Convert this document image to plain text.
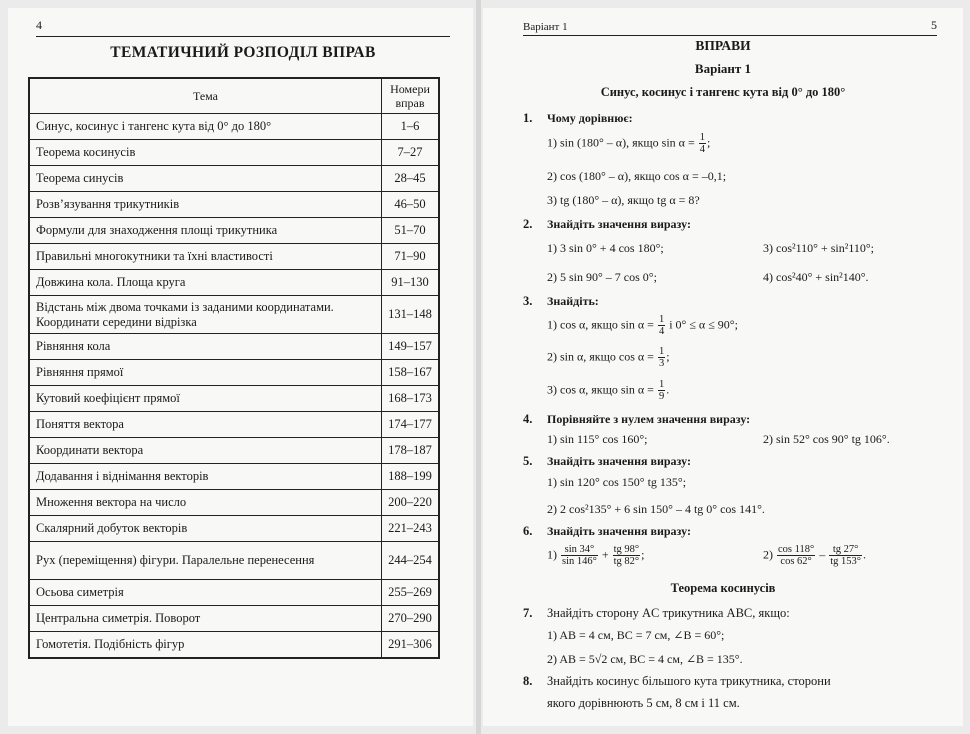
4
ТЕМАТИЧНИЙ РОЗПОДІЛ ВПРАВ
Тема	Номери вправ
Синус, косинус і тангенс кута від 0° до 180°	1–6
Теорема косинусів	7–27
Теорема синусів	28–45
Розв’язування трикутників	46–50
Формули для знаходження площі трикутника	51–70
Правильні многокутники та їхні властивості	71–90
Довжина кола. Площа круга	91–130
Відстань між двома точками із заданими координатами. Координати середини відрізка	131–148
Рівняння кола	149–157
Рівняння прямої	158–167
Кутовий коефіцієнт прямої	168–173
Поняття вектора	174–177
Координати вектора	178–187
Додавання і віднімання векторів	188–199
Множення вектора на число	200–220
Скалярний добуток векторів	221–243
Рух (переміщення) фігури. Паралельне перенесення	244–254
Осьова симетрія	255–269
Центральна симетрія. Поворот	270–290
Гомотетія. Подібність фігур	291–306
Варіант 1	5
ВПРАВИ
Варіант 1
Синус, косинус і тангенс кута від 0° до 180°
1. Чому дорівнює:
1) sin (180° – α), якщо $\sin \alpha = \frac{1}{4}$ ;
2) cos (180° – α), якщо cos α = –0,1;
3) tg (180° – α), якщо tg α = 8?
2. Знайдіть значення виразу:
1) 3 sin 0° + 4 cos 180°;	3) cos²110° + sin²110°;
2) 5 sin 90° – 7 cos 0°;	4) cos²40° + sin²140°.
3. Знайдіть:
1) cos α, якщо $\sin \alpha = \frac{1}{4}$ і 0° ≤ α ≤ 90°;
2) sin α, якщо $\cos \alpha = \frac{1}{3}$ ;
3) cos α, якщо $\sin \alpha = \frac{1}{9}$ .
4. Порівняйте з нулем значення виразу:
1) sin 115° cos 160°;	2) sin 52° cos 90° tg 106°.
5. Знайдіть значення виразу:
1) sin 120° cos 150° tg 135°;
2) 2 cos²135° + 6 sin 150° – 4 tg 0° cos 141°.
6. Знайдіть значення виразу:
$1) \frac{\sin 34^\circ}{\sin 146^\circ} + \frac{tg 98^\circ}{tg 82^\circ}$ ;	$2) \frac{\cos 118^\circ}{\cos 62^\circ} - \frac{tg 27^\circ}{tg 153^\circ}$ .
Теорема косинусів
7. Знайдіть сторону AC трикутника ABC, якщо:
1) AB = 4 см, BC = 7 см, ∠B = 60°;
2) AB = 5√2 см, BC = 4 см, ∠B = 135°.
8. Знайдіть косинус більшого кута трикутника, сторони
якого дорівнюють 5 см, 8 см і 11 см.
